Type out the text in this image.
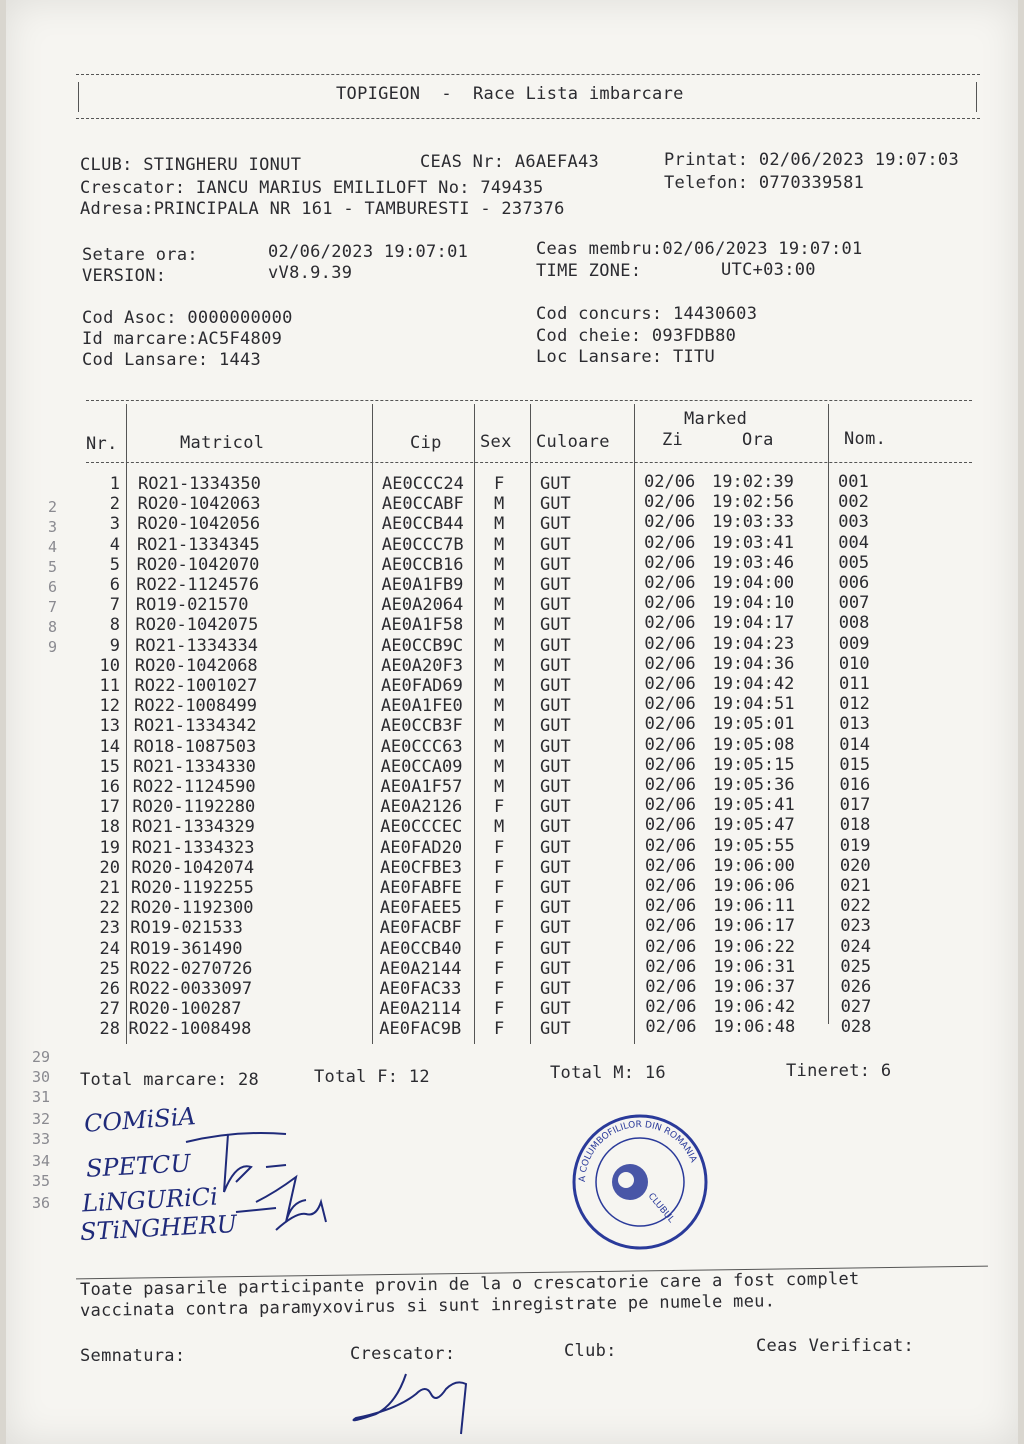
TOPIGEON  -  Race Lista imbarcare
CLUB: STINGHERU IONUT	CEAS Nr: A6AEFA43	Printat: 02/06/2023 19:07:03
Crescator: IANCU MARIUS EMILILOFT No: 749435	Telefon: 0770339581
Adresa:PRINCIPALA NR 161 - TAMBURESTI - 237376
Setare ora:	02/06/2023 19:07:01	Ceas membru:02/06/2023 19:07:01
VERSION:	vV8.9.39	TIME ZONE:	UTC+03:00
Cod Asoc: 0000000000	Cod concurs: 14430603
Id marcare:AC5F4809	Cod cheie: 093FDB80
Cod Lansare: 1443	Loc Lansare: TITU
Nr.	Matricol	Cip Sex Culoare
Marked
Zi	Ora	Nom.
1 RO21-1334350	AE0CCC24 F GUT	02/06 19:02:39	001
2 RO20-1042063	AE0CCABF M GUT	02/06 19:02:56	002
3 RO20-1042056	AE0CCB44 M GUT	02/06 19:03:33	003
4 RO21-1334345	AE0CCC7B M GUT	02/06 19:03:41	004
5 RO20-1042070	AE0CCB16 M GUT	02/06 19:03:46	005
6 RO22-1124576	AE0A1FB9 M GUT	02/06 19:04:00	006
7 RO19-021570	AE0A2064 M GUT	02/06 19:04:10	007
8 RO20-1042075	AE0A1F58 M GUT	02/06 19:04:17	008
9 RO21-1334334	AE0CCB9C M GUT	02/06 19:04:23	009
10 RO20-1042068	AE0A20F3 M GUT	02/06 19:04:36	010
11 RO22-1001027	AE0FAD69 M GUT	02/06 19:04:42	011
12 RO22-1008499	AE0A1FE0 M GUT	02/06 19:04:51	012
13 RO21-1334342	AE0CCB3F M GUT	02/06 19:05:01	013
14 RO18-1087503	AE0CCC63 M GUT	02/06 19:05:08	014
15 RO21-1334330	AE0CCA09 M GUT	02/06 19:05:15	015
16 RO22-1124590	AE0A1F57 M GUT	02/06 19:05:36	016
17 RO20-1192280	AE0A2126 F GUT	02/06 19:05:41	017
18 RO21-1334329	AE0CCCEC M GUT	02/06 19:05:47	018
19 RO21-1334323	AE0FAD20 F GUT	02/06 19:05:55	019
20 RO20-1042074	AE0CFBE3 F GUT	02/06 19:06:00	020
21 RO20-1192255	AE0FABFE F GUT	02/06 19:06:06	021
22 RO20-1192300	AE0FAEE5 F GUT	02/06 19:06:11	022
23 RO19-021533	AE0FACBF F GUT	02/06 19:06:17	023
24 RO19-361490	AE0CCB40 F GUT	02/06 19:06:22	024
25 RO22-0270726	AE0A2144 F GUT	02/06 19:06:31	025
26 RO22-0033097	AE0FAC33 F GUT	02/06 19:06:37	026
27 RO20-100287	AE0A2114 F GUT	02/06 19:06:42	027
28 RO22-1008498	AE0FAC9B F GUT	02/06 19:06:48	028
2
3
4
5
6
7
8
9
29
30
31
32
33
34
35
36
Total marcare: 28	Total F: 12	Total M: 16	Tineret: 6
COMiSiA
SPETCU
LiNGURiCi
STiNGHERU
A COLUMBOFILILOR DIN ROMANIA
CLUBUL
Toate pasarile participante provin de la o crescatorie care a fost complet
vaccinata contra paramyxovirus si sunt inregistrate pe numele meu.
Semnatura:	Crescator:	Club:	Ceas Verificat:
